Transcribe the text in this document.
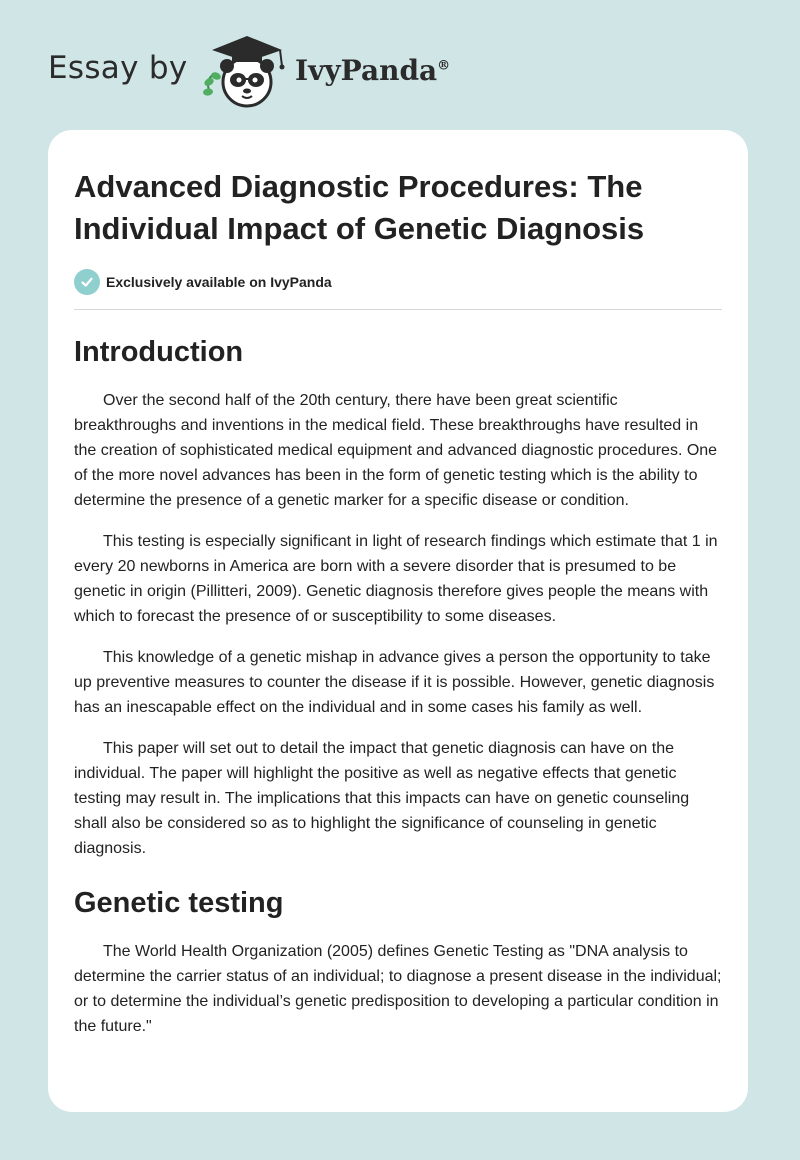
Essay by	IvyPanda®
Advanced Diagnostic Procedures: The Individual Impact of Genetic Diagnosis
Exclusively available on IvyPanda
Introduction

Over the second half of the 20th century, there have been great scientific breakthroughs and inventions in the medical field. These breakthroughs have resulted in the creation of sophisticated medical equipment and advanced diagnostic procedures. One of the more novel advances has been in the form of genetic testing which is the ability to determine the presence of a genetic marker for a specific disease or condition.

This testing is especially significant in light of research findings which estimate that 1 in every 20 newborns in America are born with a severe disorder that is presumed to be genetic in origin (Pillitteri, 2009). Genetic diagnosis therefore gives people the means with which to forecast the presence of or susceptibility to some diseases.

This knowledge of a genetic mishap in advance gives a person the opportunity to take up preventive measures to counter the disease if it is possible. However, genetic diagnosis has an inescapable effect on the individual and in some cases his family as well.

This paper will set out to detail the impact that genetic diagnosis can have on the individual. The paper will highlight the positive as well as negative effects that genetic testing may result in. The implications that this impacts can have on genetic counseling shall also be considered so as to highlight the significance of counseling in genetic diagnosis.

Genetic testing

The World Health Organization (2005) defines Genetic Testing as "DNA analysis to determine the carrier status of an individual; to diagnose a present disease in the individual; or to determine the individual’s genetic predisposition to developing a particular condition in the future."
